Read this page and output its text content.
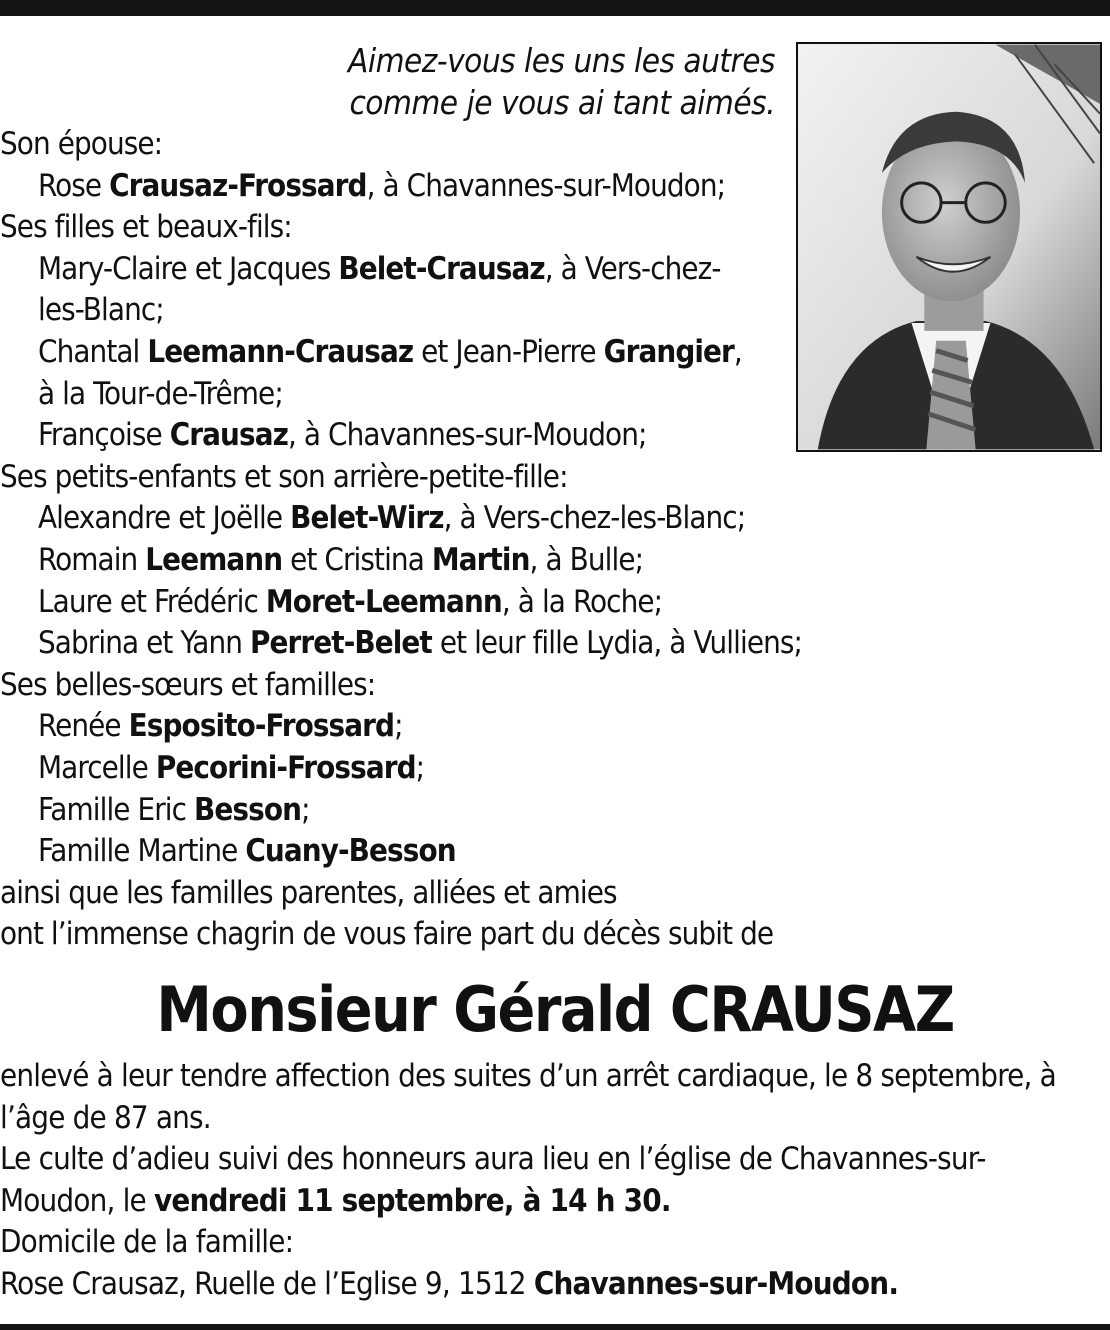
Aimez-vous les uns les autres
comme je vous ai tant aimés.
Son épouse:
Rose Crausaz-Frossard, à Chavannes-sur-Moudon;
Ses filles et beaux-fils:
Mary-Claire et Jacques Belet-Crausaz, à Vers-chez-
les-Blanc;
Chantal Leemann-Crausaz et Jean-Pierre Grangier,
à la Tour-de-Trême;
Françoise Crausaz, à Chavannes-sur-Moudon;
Ses petits-enfants et son arrière-petite-fille:
Alexandre et Joëlle Belet-Wirz, à Vers-chez-les-Blanc;
Romain Leemann et Cristina Martin, à Bulle;
Laure et Frédéric Moret-Leemann, à la Roche;
Sabrina et Yann Perret-Belet et leur fille Lydia, à Vulliens;
Ses belles-sœurs et familles:
Renée Esposito-Frossard;
Marcelle Pecorini-Frossard;
Famille Eric Besson;
Famille Martine Cuany-Besson
ainsi que les familles parentes, alliées et amies
ont l’immense chagrin de vous faire part du décès subit de
Monsieur Gérald CRAUSAZ
enlevé à leur tendre affection des suites d’un arrêt cardiaque, le 8 septembre, à
l’âge de 87 ans.
Le culte d’adieu suivi des honneurs aura lieu en l’église de Chavannes-sur-
Moudon, le vendredi 11 septembre, à 14 h 30.
Domicile de la famille:
Rose Crausaz, Ruelle de l’Eglise 9, 1512 Chavannes-sur-Moudon.
